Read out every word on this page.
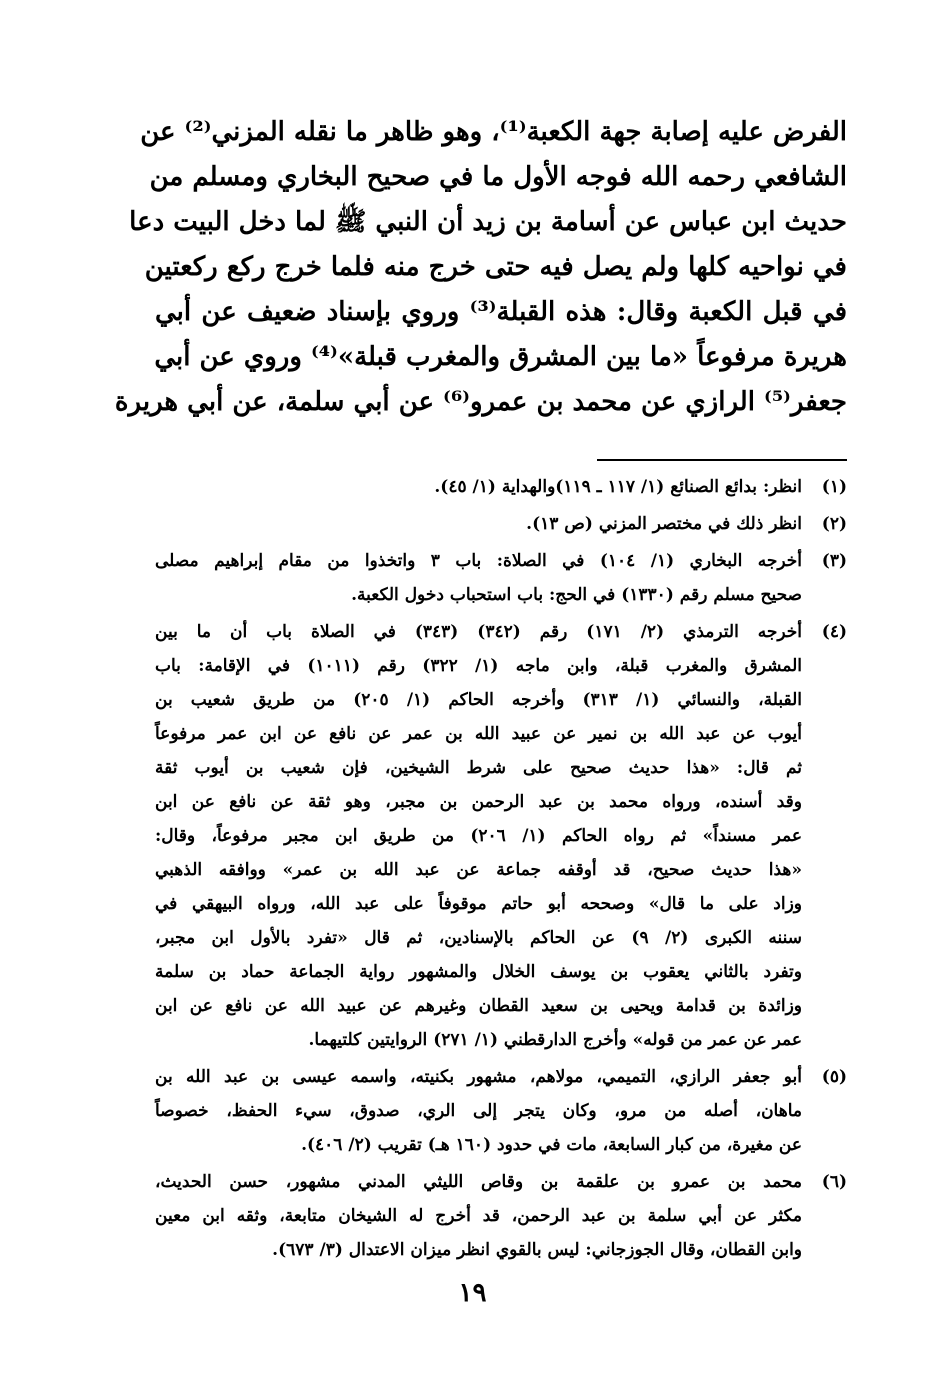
الفرض عليه إصابة جهة الكعبة⁽¹⁾، وهو ظاهر ما نقله المزني⁽²⁾ عن
الشافعي رحمه الله فوجه الأول ما في صحيح البخاري ومسلم من
حديث ابن عباس عن أسامة بن زيد أن النبي ﷺ لما دخل البيت دعا
في نواحيه كلها ولم يصل فيه حتى خرج منه فلما خرج ركع ركعتين
في قبل الكعبة وقال: هذه القبلة⁽³⁾ وروي بإسناد ضعيف عن أبي
هريرة مرفوعاً «ما بين المشرق والمغرب قبلة»⁽⁴⁾ وروي عن أبي
جعفر⁽⁵⁾ الرازي عن محمد بن عمرو⁽⁶⁾ عن أبي سلمة، عن أبي هريرة
(١)
انظر: بدائع الصنائع (١/ ١١٧ ـ ١١٩)والهداية (١/ ٤٥).
(٢)
انظر ذلك في مختصر المزني (ص ١٣).
(٣)
أخرجه البخاري (١/ ١٠٤) في الصلاة: باب ٣ واتخذوا من مقام إبراهيم مصلى
صحيح مسلم رقم (١٣٣٠) في الحج: باب استحباب دخول الكعبة.
(٤)
أخرجه الترمذي (٢/ ١٧١) رقم (٣٤٢) (٣٤٣) في الصلاة باب أن ما بين
المشرق والمغرب قبلة، وابن ماجه (١/ ٣٢٢) رقم (١٠١١) في الإقامة: باب
القبلة، والنسائي (١/ ٣١٣) وأخرجه الحاكم (١/ ٢٠٥) من طريق شعيب بن
أيوب عن عبد الله بن نمير عن عبيد الله بن عمر عن نافع عن ابن عمر مرفوعاً
ثم قال: «هذا حديث صحيح على شرط الشيخين، فإن شعيب بن أيوب ثقة
وقد أسنده، ورواه محمد بن عبد الرحمن بن مجبر، وهو ثقة عن نافع عن ابن
عمر مسنداً» ثم رواه الحاكم (١/ ٢٠٦) من طريق ابن مجبر مرفوعاً، وقال:
«هذا حديث صحيح، قد أوقفه جماعة عن عبد الله بن عمر» ووافقه الذهبي
وزاد على ما قال» وصححه أبو حاتم موقوفاً على عبد الله، ورواه البيهقي في
سننه الكبرى (٢/ ٩) عن الحاكم بالإسنادين، ثم قال «تفرد بالأول ابن مجبر،
وتفرد بالثاني يعقوب بن يوسف الخلال والمشهور رواية الجماعة حماد بن سلمة
وزائدة بن قدامة ويحيى بن سعيد القطان وغيرهم عن عبيد الله عن نافع عن ابن
عمر عن عمر من قوله» وأخرج الدارقطني (١/ ٢٧١) الروايتين كلتيهما.
(٥)
أبو جعفر الرازي، التميمي، مولاهم، مشهور بكنيته، واسمه عيسى بن عبد الله بن
ماهان، أصله من مرو، وكان يتجر إلى الري، صدوق، سيء الحفظ، خصوصاً
عن مغيرة، من كبار السابعة، مات في حدود (١٦٠ هـ) تقريب (٢/ ٤٠٦).
(٦)
محمد بن عمرو بن علقمة بن وقاص الليثي المدني مشهور، حسن الحديث،
مكثر عن أبي سلمة بن عبد الرحمن، قد أخرج له الشيخان متابعة، وثقه ابن معين
وابن القطان، وقال الجوزجاني: ليس بالقوي انظر ميزان الاعتدال (٣/ ٦٧٣).
١٩
